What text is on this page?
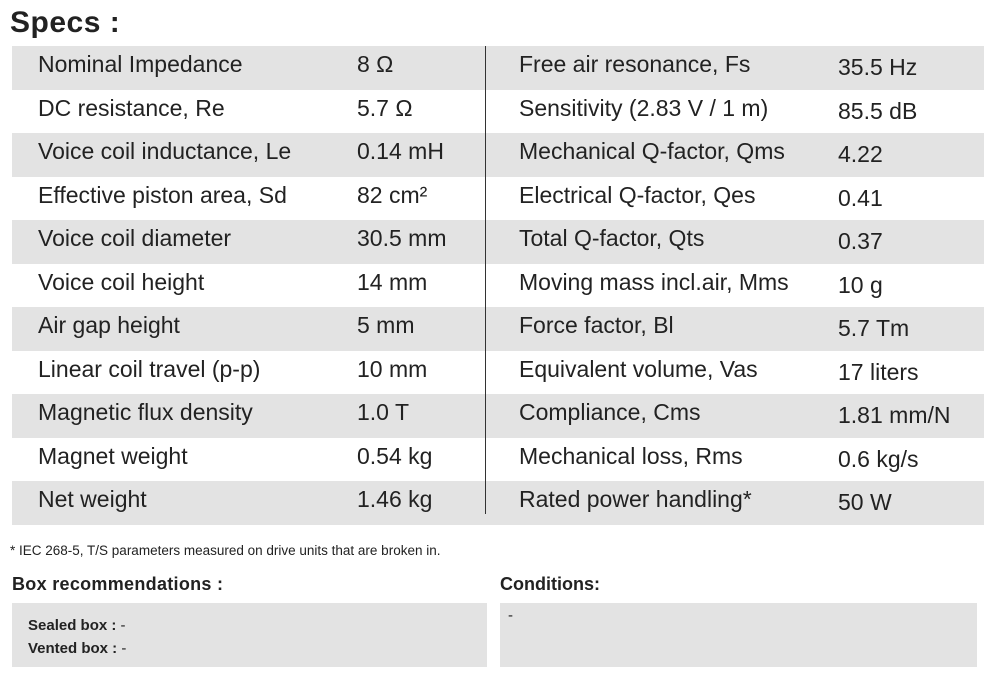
Specs :
Nominal Impedance	8 Ω	Free air resonance, Fs	35.5 Hz
DC resistance, Re	5.7 Ω	Sensitivity (2.83 V / 1 m)	85.5 dB
Voice coil inductance, Le	0.14 mH	Mechanical Q-factor, Qms 4.22
Effective piston area, Sd	82 cm²	Electrical Q-factor, Qes	0.41
Voice coil diameter	30.5 mm	Total Q-factor, Qts	0.37
Voice coil height	14 mm	Moving mass incl.air, Mms 10 g
Air gap height	5 mm	Force factor, Bl	5.7 Tm
Linear coil travel (p-p)	10 mm	Equivalent volume, Vas	17 liters
Magnetic flux density	1.0 T	Compliance, Cms	1.81 mm/N
Magnet weight	0.54 kg	Mechanical loss, Rms	0.6 kg/s
Net weight	1.46 kg	Rated power handling*	50 W
* IEC 268-5, T/S parameters measured on drive units that are broken in.
Box recommendations :	Conditions:
Sealed box : -
Vented box : -
-
